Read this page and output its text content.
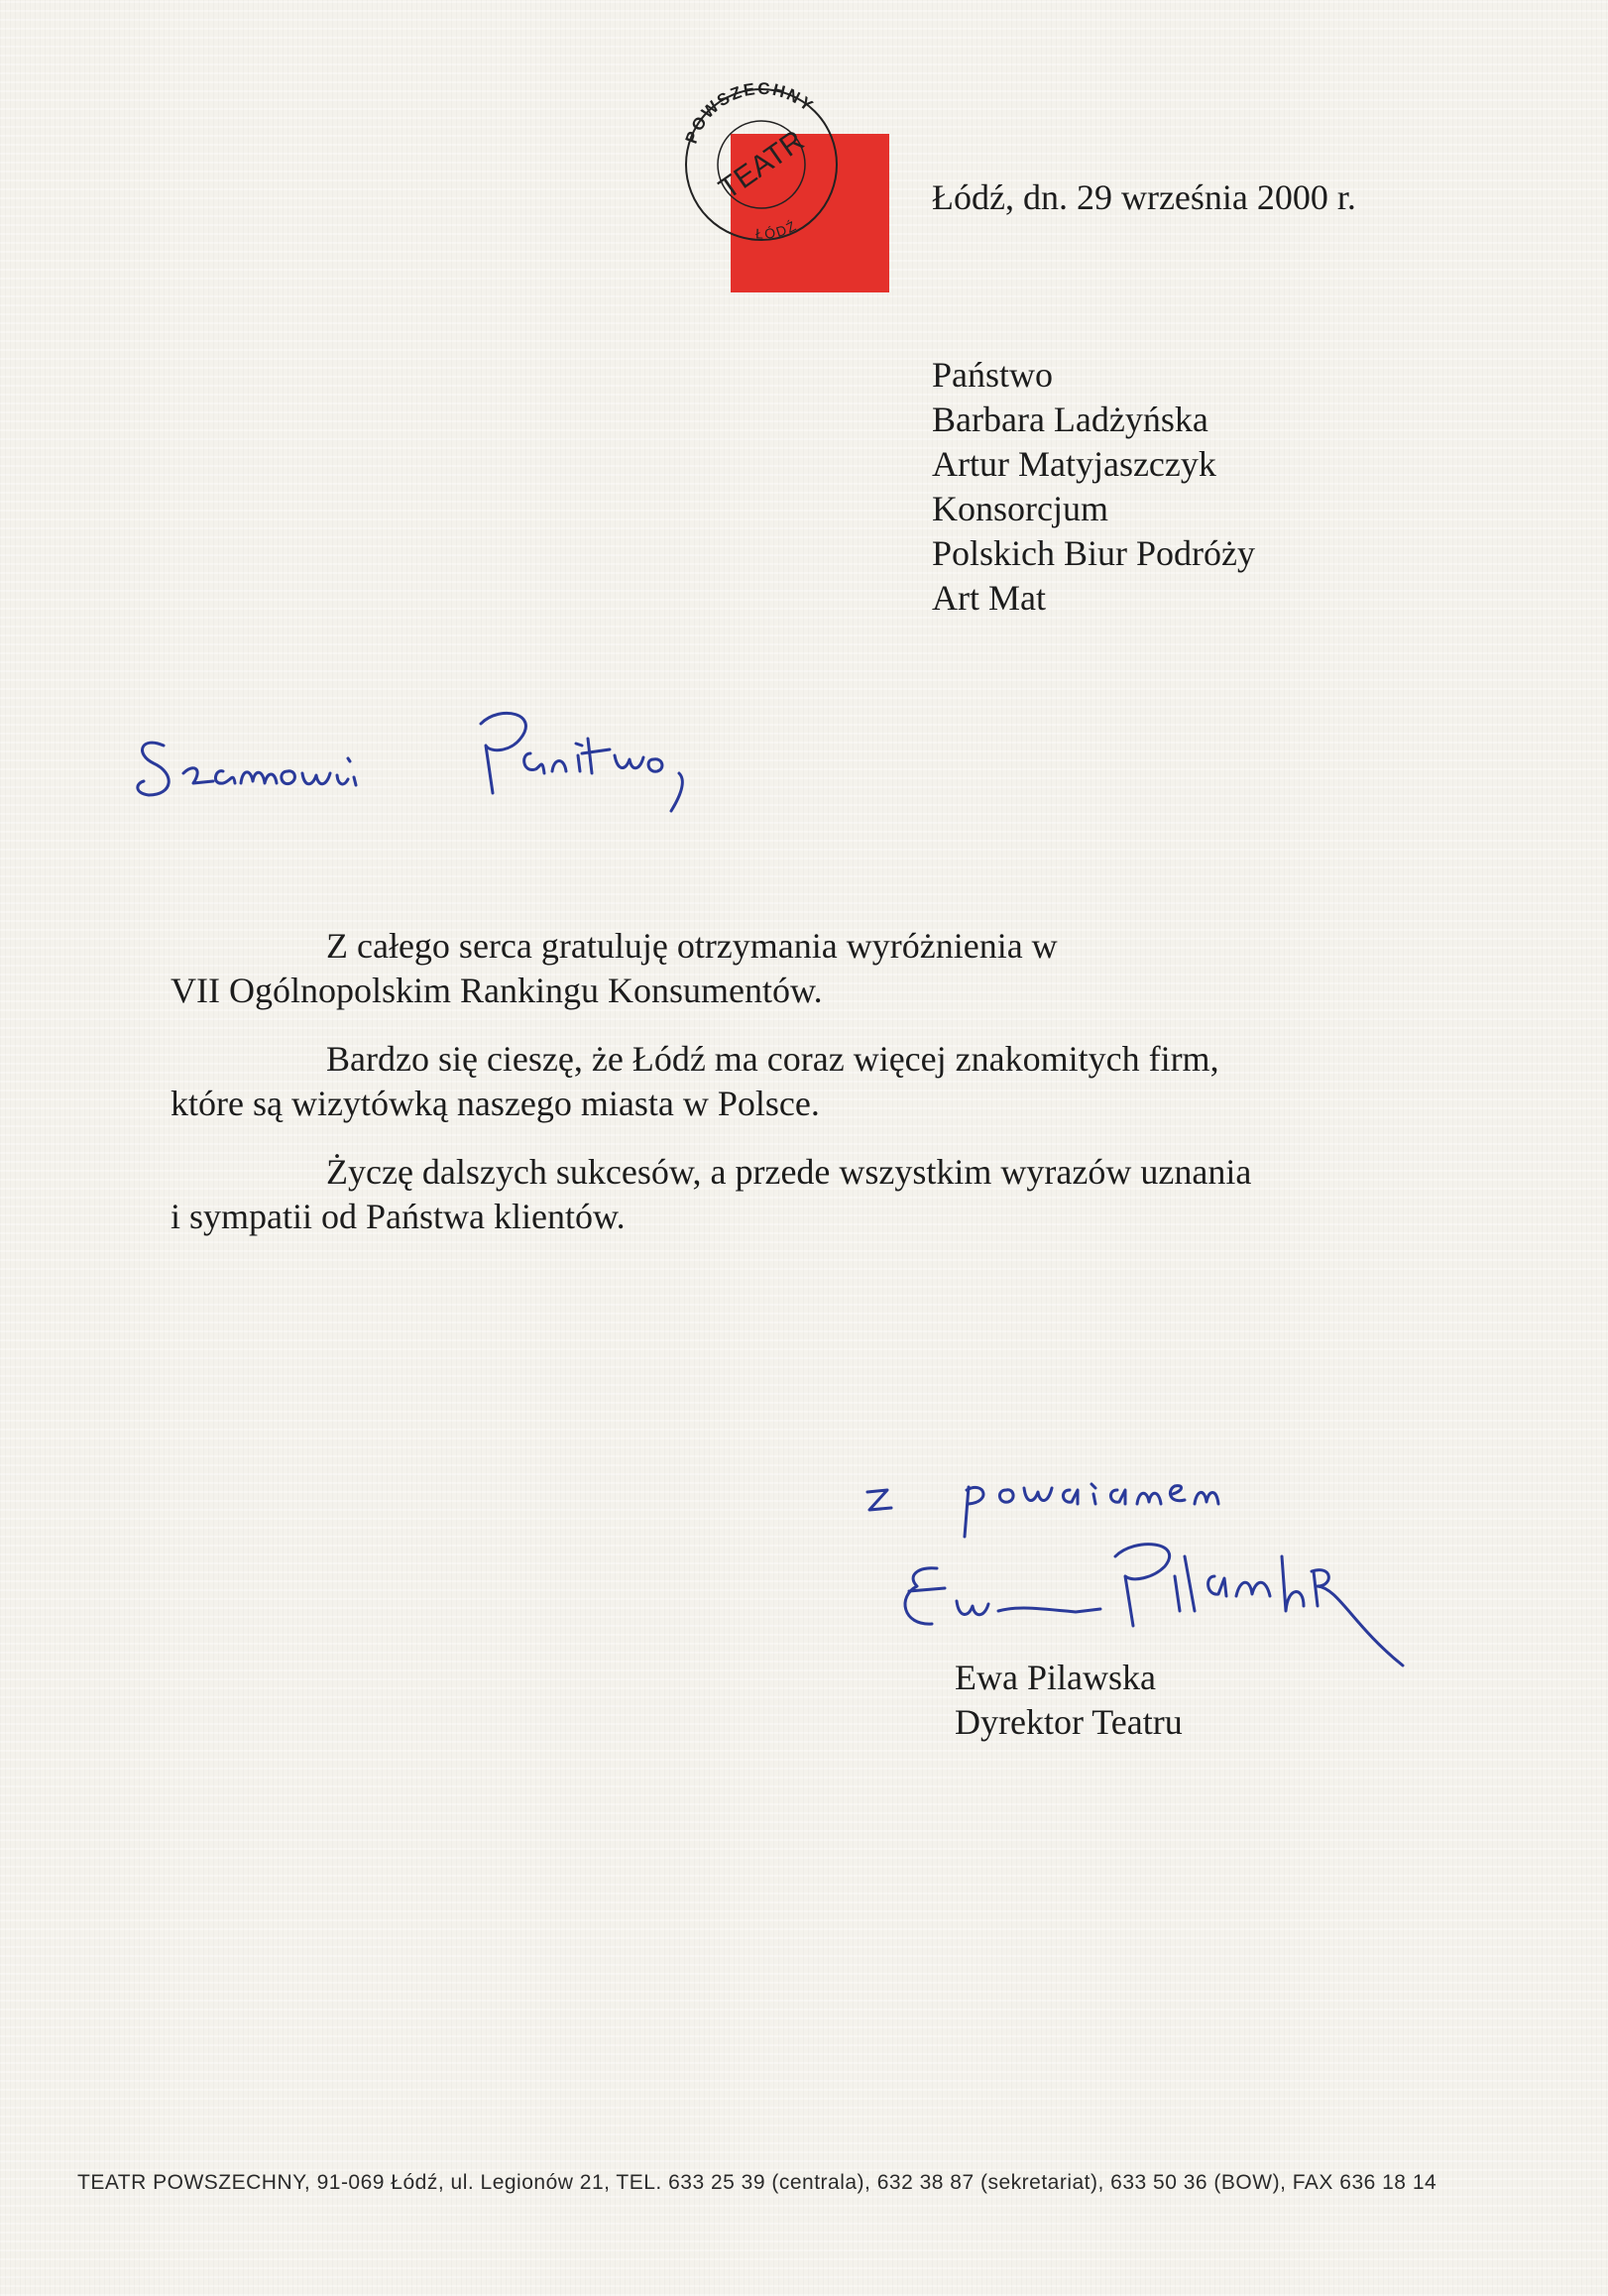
POWSZECHNY
TEATR
ŁÓDŹ
Łódź, dn. 29 września 2000 r.
Państwo
Barbara Ladżyńska
Artur Matyjaszczyk
Konsorcjum
Polskich Biur Podróży
Art Mat

Z całego serca gratuluję otrzymania wyróżnienia w
VII Ogólnopolskim Rankingu Konsumentów.

Bardzo się cieszę, że Łódź ma coraz więcej znakomitych firm,
które są wizytówką naszego miasta w Polsce.

Życzę dalszych sukcesów, a przede wszystkim wyrazów uznania
i sympatii od Państwa klientów.

Ewa Pilawska
Dyrektor Teatru
TEATR POWSZECHNY, 91-069 Łódź, ul. Legionów 21, TEL. 633 25 39 (centrala), 632 38 87 (sekretariat), 633 50 36 (BOW), FAX 636 18 14
